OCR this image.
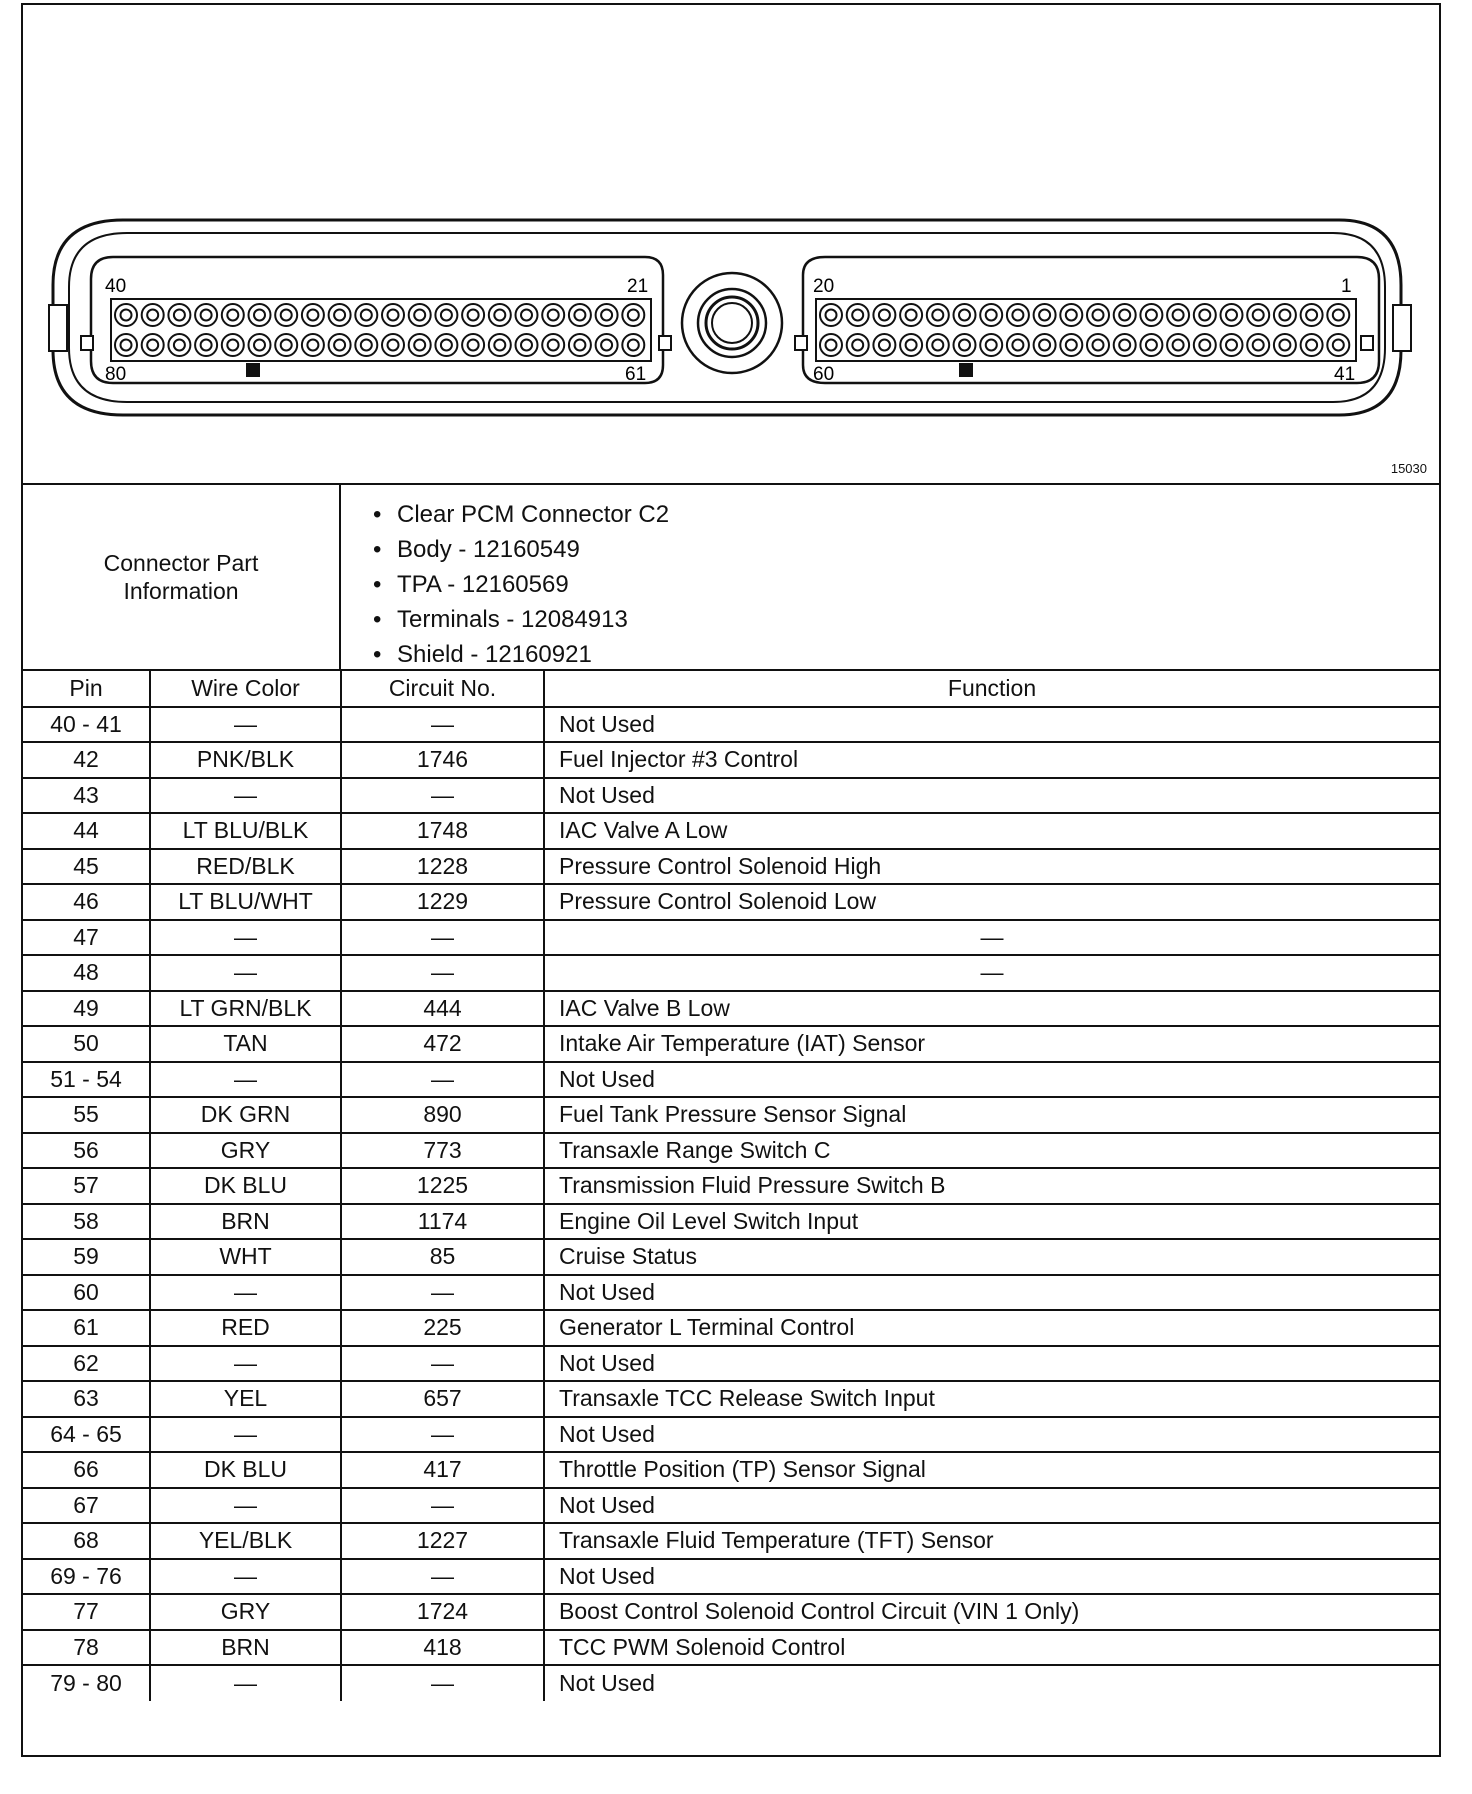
40	21
80	61
20	1
60	41
15030
Connector Part Information
• Clear PCM Connector C2
• Body - 12160549
• TPA - 12160569
• Terminals - 12084913
• Shield - 12160921
Pin	Wire Color	Circuit No.	Function
40 - 41	—	—	Not Used
42	PNK/BLK	1746	Fuel Injector #3 Control
43	—	—	Not Used
44	LT BLU/BLK	1748	IAC Valve A Low
45	RED/BLK	1228	Pressure Control Solenoid High
46	LT BLU/WHT	1229	Pressure Control Solenoid Low
47	—	—	—
48	—	—	—
49	LT GRN/BLK	444	IAC Valve B Low
50	TAN	472	Intake Air Temperature (IAT) Sensor
51 - 54	—	—	Not Used
55	DK GRN	890	Fuel Tank Pressure Sensor Signal
56	GRY	773	Transaxle Range Switch C
57	DK BLU	1225	Transmission Fluid Pressure Switch B
58	BRN	1174	Engine Oil Level Switch Input
59	WHT	85	Cruise Status
60	—	—	Not Used
61	RED	225	Generator L Terminal Control
62	—	—	Not Used
63	YEL	657	Transaxle TCC Release Switch Input
64 - 65	—	—	Not Used
66	DK BLU	417	Throttle Position (TP) Sensor Signal
67	—	—	Not Used
68	YEL/BLK	1227	Transaxle Fluid Temperature (TFT) Sensor
69 - 76	—	—	Not Used
77	GRY	1724	Boost Control Solenoid Control Circuit (VIN 1 Only)
78	BRN	418	TCC PWM Solenoid Control
79 - 80	—	—	Not Used
